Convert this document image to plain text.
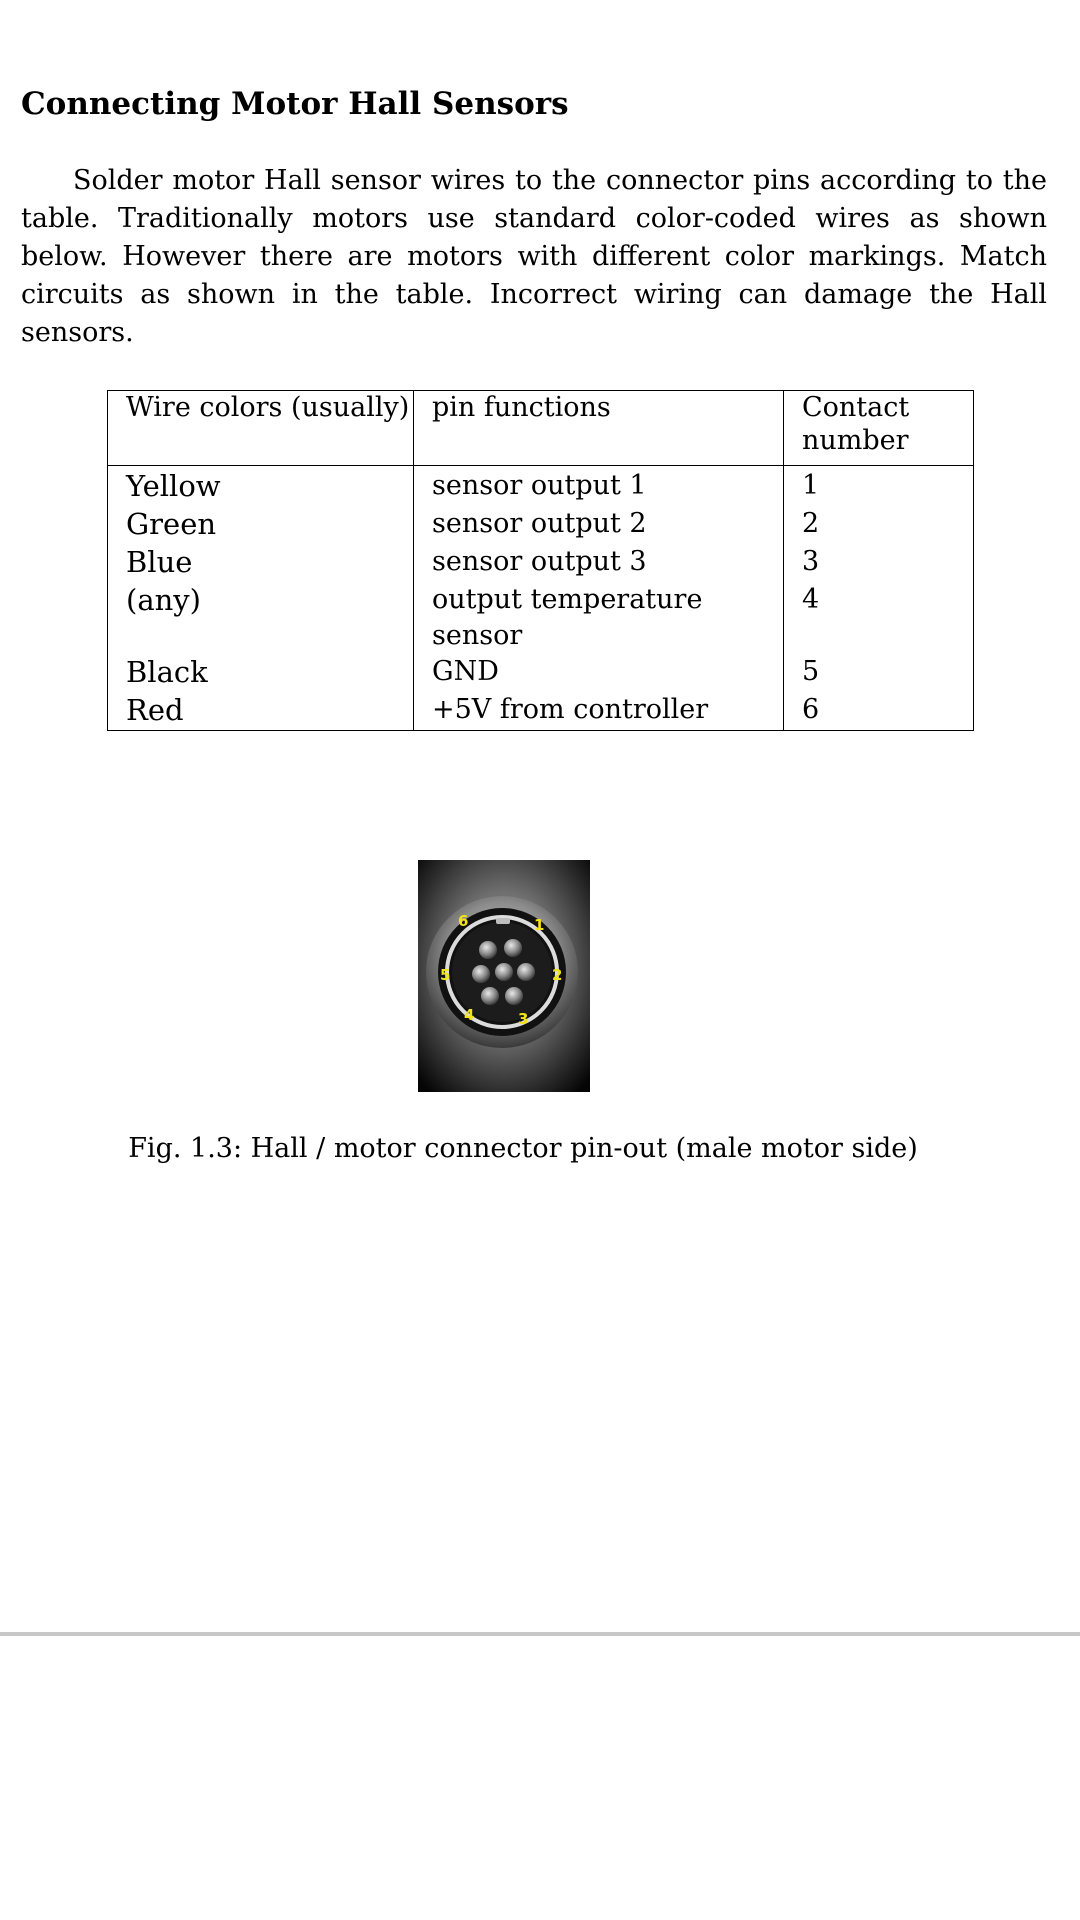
Connecting Motor Hall Sensors

Solder motor Hall sensor wires to the connector pins according to the table. Traditionally motors use standard color-coded wires as shown below. However there are motors with different color markings. Match circuits as shown in the table. Incorrect wiring can damage the Hall sensors.

Wire colors (usually)	pin functions	Contact number
Yellow	sensor output 1	1
Green	sensor output 2	2
Blue	sensor output 3	3
(any)	output temperature sensor	4
Black	GND	5
Red	+5V from controller	6
6	1
5	2
4	3

Fig. 1.3: Hall / motor connector pin-out (male motor side)
